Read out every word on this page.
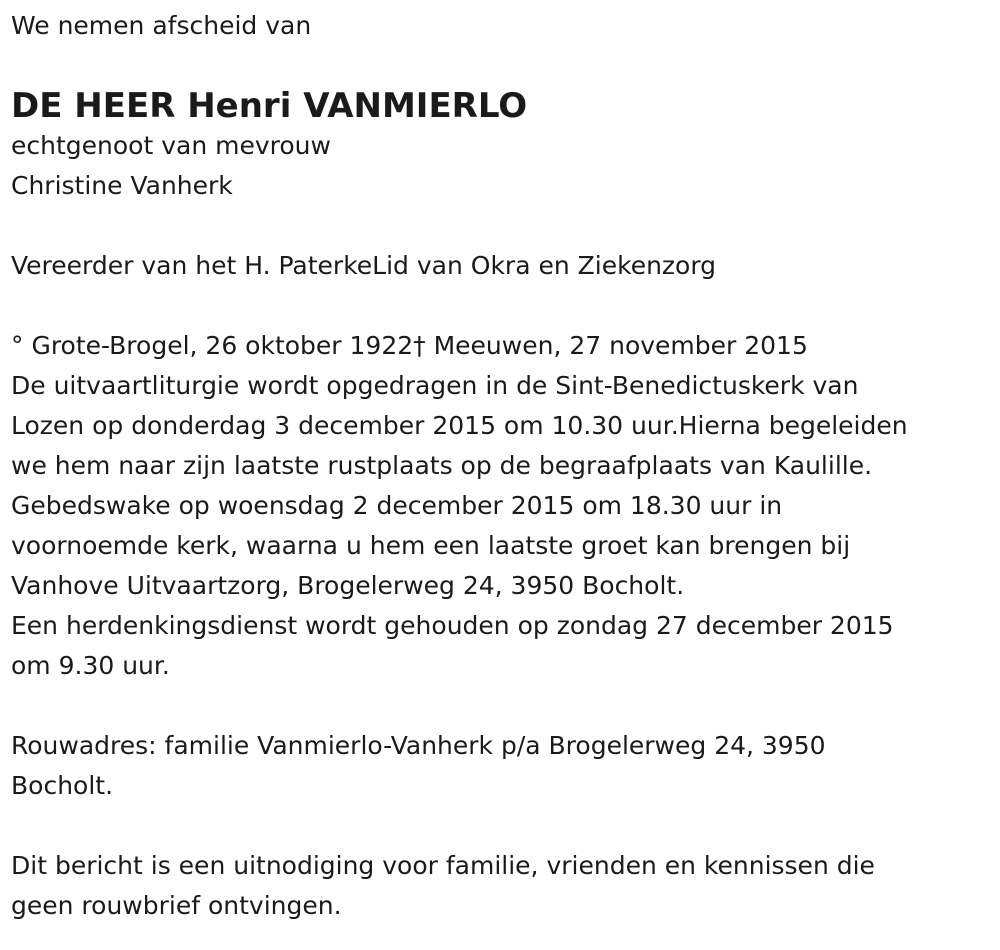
We nemen afscheid van
DE HEER Henri VANMIERLO
echtgenoot van mevrouw
Christine Vanherk
Vereerder van het H. PaterkeLid van Okra en Ziekenzorg
° Grote-Brogel, 26 oktober 1922† Meeuwen, 27 november 2015
De uitvaartliturgie wordt opgedragen in de Sint-Benedictuskerk van
Lozen op donderdag 3 december 2015 om 10.30 uur.Hierna begeleiden
we hem naar zijn laatste rustplaats op de begraafplaats van Kaulille.
Gebedswake op woensdag 2 december 2015 om 18.30 uur in
voornoemde kerk, waarna u hem een laatste groet kan brengen bij
Vanhove Uitvaartzorg, Brogelerweg 24, 3950 Bocholt.
Een herdenkingsdienst wordt gehouden op zondag 27 december 2015
om 9.30 uur.
Rouwadres: familie Vanmierlo-Vanherk p/a Brogelerweg 24, 3950
Bocholt.
Dit bericht is een uitnodiging voor familie, vrienden en kennissen die
geen rouwbrief ontvingen.
